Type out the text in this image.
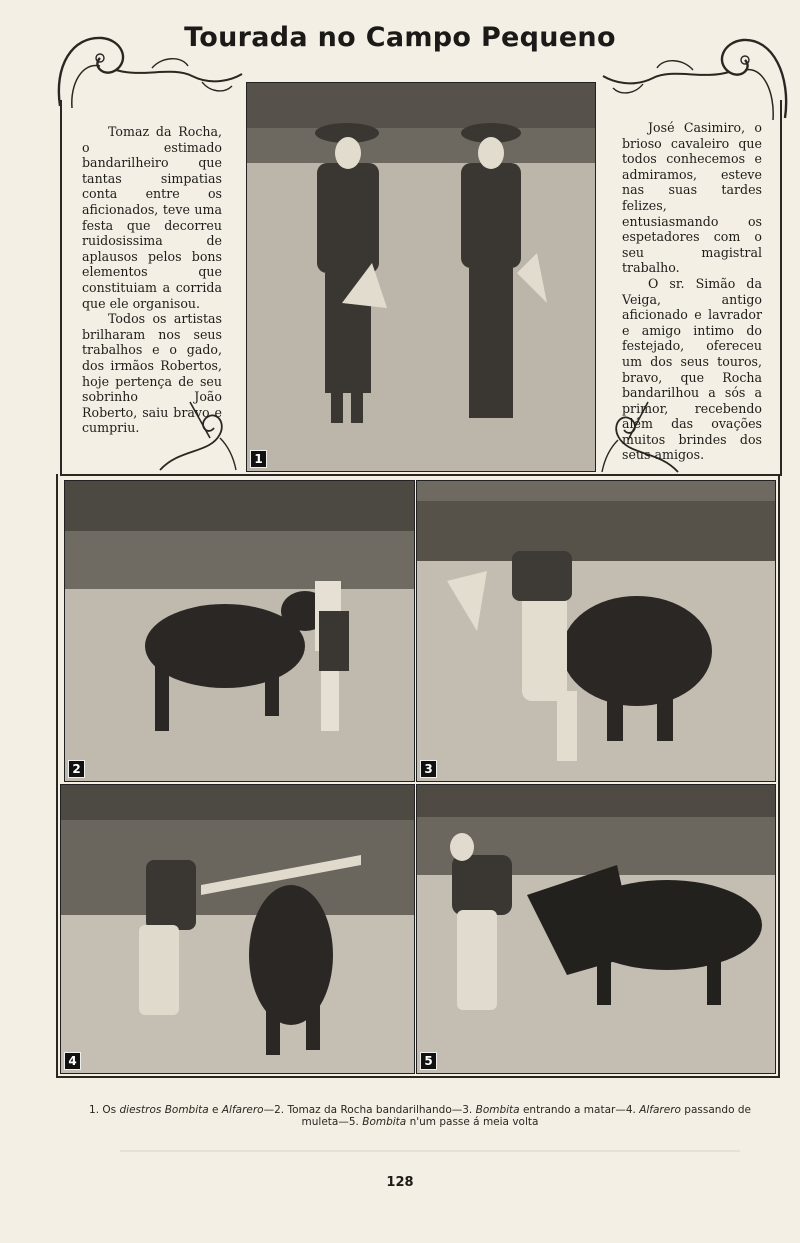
Tourada no Campo Pequeno

Tomaz da Rocha, o estimado bandarilheiro que tantas simpatias conta entre os aficionados, teve uma festa que decorreu ruidosissima de aplausos pelos bons elementos que constituiam a corrida que ele organisou.

Todos os artistas brilharam nos seus trabalhos e o gado, dos irmãos Robertos, hoje pertença de seu sobrinho João Roberto, saiu bravo e cumpriu.

José Casimiro, o brioso cavaleiro que todos conhecemos e admiramos, esteve nas suas tardes felizes, entusiasmando os espetadores com o seu magistral trabalho.

O sr. Simão da Veiga, antigo aficionado e lavrador e amigo intimo do festejado, ofereceu um dos seus touros, bravo, que Rocha bandarilhou a sós a primor, recebendo além das ovações muitos brindes dos seus amigos.

1
2	3
4	5
1. Os diestros Bombita e Alfarero—2. Tomaz da Rocha bandarilhando—3. Bombita entrando a matar—4. Alfarero passando de muleta—5. Bombita n'um passe á meia volta
128
